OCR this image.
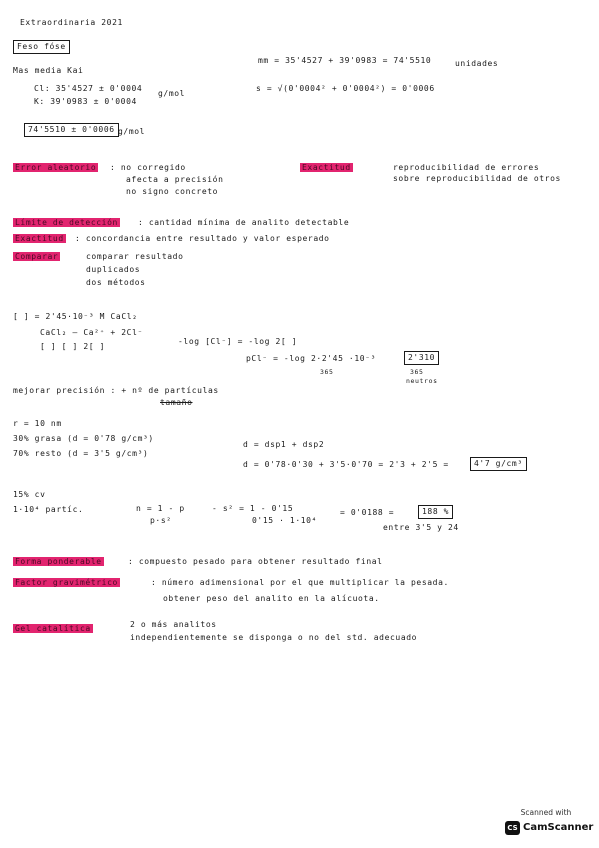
Extraordinaria 2021
Feso fóse
Mas media Kai
Cl: 35'4527 ± 0'0004
K: 39'0983 ± 0'0004
g/mol
74'5510 ± 0'0006 g/mol
mm = 35'4527 + 39'0983 = 74'5510	unidades
s = √(0'0004² + 0'0004²) = 0'0006
Error aleatorio : no corregido
afecta a precisión
no signo concreto
Exactitud	reproducibilidad de errores
sobre reproducibilidad de otros
Límite de detección	: cantidad mínima de analito detectable
Exactitud : concordancia entre resultado y valor esperado
Comparar	comparar resultado
duplicados
dos métodos
[ ] = 2'45·10⁻³ M CaCl₂
CaCl₂ — Ca²⁺ + 2Cl⁻
[ ] [ ] 2[ ]
-log [Cl⁻] = -log 2[ ]
pCl⁻ = -log 2·2'45 ·10⁻³
365
2'310
365
neutros
mejorar precisión : + nº de partículas
tamaño
r = 10 nm
30% grasa (d = 0'78 g/cm³)
70% resto (d = 3'5 g/cm³)
d = dsp1 + dsp2
d = 0'78·0'30 + 3'5·0'70 = 2'3 + 2'5 =	4'7 g/cm³
15% cv
1·10⁴ partíc.	n = 1 - p
p·s²
- s² = 1 - 0'15
0'15 · 1·10⁴
= 0'0188 =	188 %
entre 3'5 y 24
Forma ponderable	: compuesto pesado para obtener resultado final
Factor gravimétrico	: número adimensional por el que multiplicar la pesada.
obtener peso del analito en la alícuota.
Gel catalítica	2 o más analitos
independientemente se disponga o no del std. adecuado
Scanned with
CS CamScanner
